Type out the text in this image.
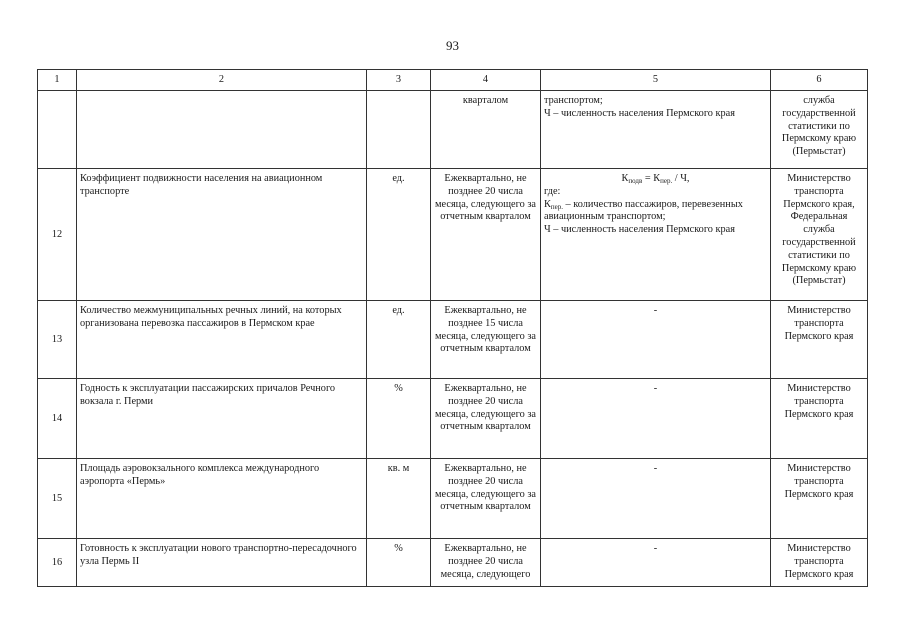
93
1	2	3	4	5	6
			кварталом	транспортом;
Ч – численность населения Пермского края	служба государственной статистики по Пермскому краю (Пермьстат)
12	Коэффициент подвижности населения на авиационном транспорте	ед.	Ежеквартально, не позднее 20 числа месяца, следующего за отчетным кварталом	$К_{подв} = К_{пер.} / Ч$,
где:
$К_{пер.}$ – количество пассажиров, перевезенных авиационным транспортом;
Ч – численность населения Пермского края	Министерство транспорта Пермского края, Федеральная служба государственной статистики по Пермскому краю (Пермьстат)
13	Количество межмуниципальных речных линий, на которых организована перевозка пассажиров в Пермском крае	ед.	Ежеквартально, не позднее 15 числа месяца, следующего за отчетным кварталом	-	Министерство транспорта Пермского края
14	Годность к эксплуатации пассажирских причалов Речного вокзала г. Перми	%	Ежеквартально, не позднее 20 числа месяца, следующего за отчетным кварталом	-	Министерство транспорта Пермского края
15	Площадь аэровокзального комплекса международного аэропорта «Пермь»	кв. м	Ежеквартально, не позднее 20 числа месяца, следующего за отчетным кварталом	-	Министерство транспорта Пермского края
16	Готовность к эксплуатации нового транспортно-пересадочного узла Пермь II	%	Ежеквартально, не позднее 20 числа месяца, следующего	-	Министерство транспорта Пермского края
